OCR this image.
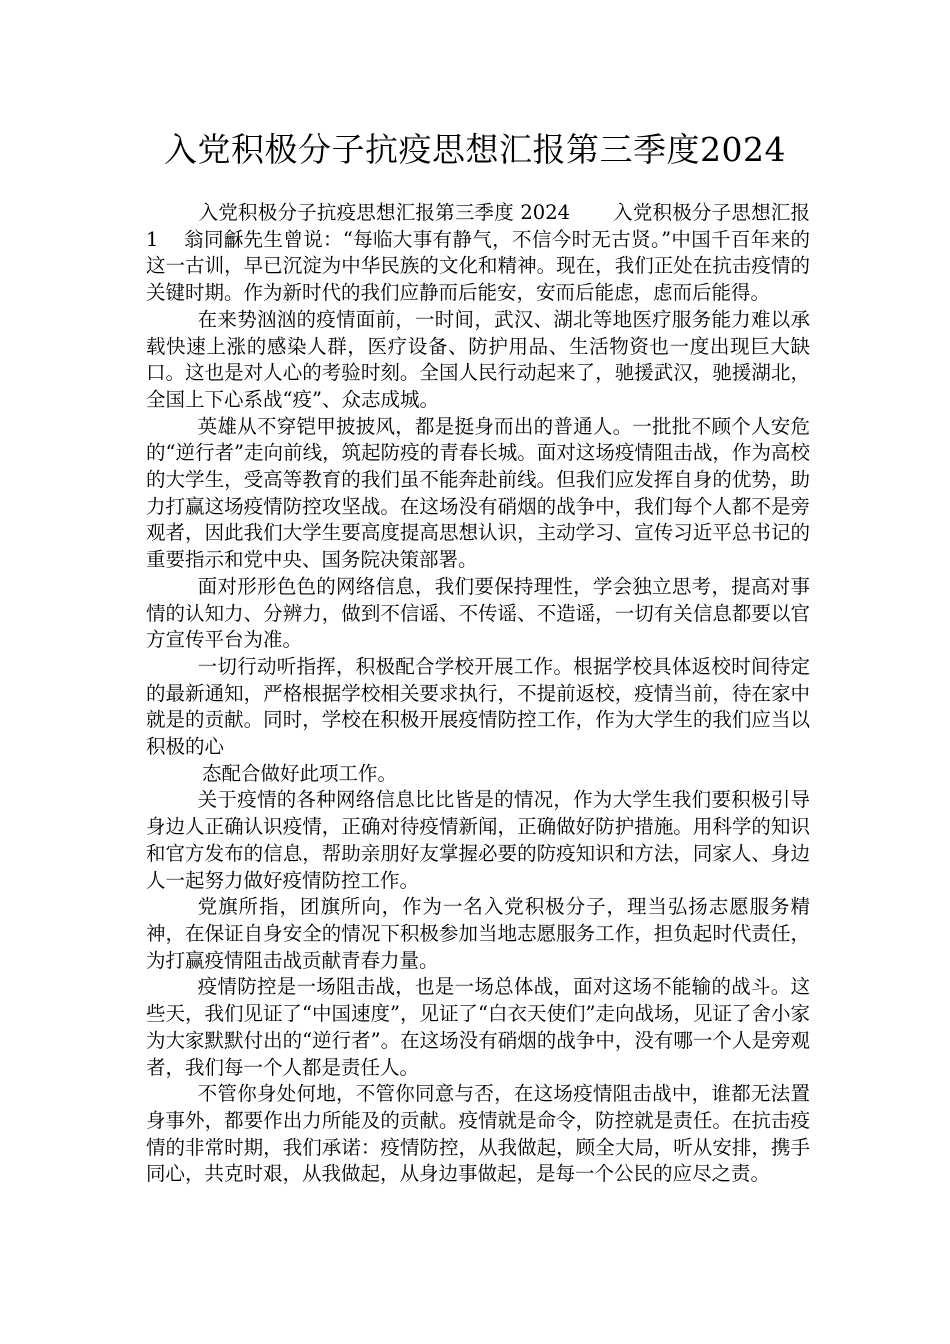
入党积极分子抗疫思想汇报第三季度2024

入党积极分子抗疫思想汇报第三季度 2024 入党积极分子思想汇报 1 翁同龢先生曾说：“每临大事有静气，不信今时无古贤。”中国千百年来的这一古训，早已沉淀为中华民族的文化和精神。现在，我们正处在抗击疫情的关键时期。作为新时代的我们应静而后能安，安而后能虑，虑而后能得。

在来势汹汹的疫情面前，一时间，武汉、湖北等地医疗服务能力难以承载快速上涨的感染人群，医疗设备、防护用品、生活物资也一度出现巨大缺口。这也是对人心的考验时刻。全国人民行动起来了，驰援武汉，驰援湖北，全国上下心系战“疫”、众志成城。

英雄从不穿铠甲披披风，都是挺身而出的普通人。一批批不顾个人安危的“逆行者”走向前线，筑起防疫的青春长城。面对这场疫情阻击战，作为高校的大学生，受高等教育的我们虽不能奔赴前线。但我们应发挥自身的优势，助力打赢这场疫情防控攻坚战。在这场没有硝烟的战争中，我们每个人都不是旁观者，因此我们大学生要高度提高思想认识，主动学习、宣传习近平总书记的重要指示和党中央、国务院决策部署。

面对形形色色的网络信息，我们要保持理性，学会独立思考，提高对事情的认知力、分辨力，做到不信谣、不传谣、不造谣，一切有关信息都要以官方宣传平台为准。

一切行动听指挥，积极配合学校开展工作。根据学校具体返校时间待定的最新通知，严格根据学校相关要求执行，不提前返校，疫情当前，待在家中就是的贡献。同时，学校在积极开展疫情防控工作，作为大学生的我们应当以积极的心

态配合做好此项工作。

关于疫情的各种网络信息比比皆是的情况，作为大学生我们要积极引导身边人正确认识疫情，正确对待疫情新闻，正确做好防护措施。用科学的知识和官方发布的信息，帮助亲朋好友掌握必要的防疫知识和方法，同家人、身边人一起努力做好疫情防控工作。

党旗所指，团旗所向，作为一名入党积极分子，理当弘扬志愿服务精神，在保证自身安全的情况下积极参加当地志愿服务工作，担负起时代责任，为打赢疫情阻击战贡献青春力量。

疫情防控是一场阻击战，也是一场总体战，面对这场不能输的战斗。这些天，我们见证了“中国速度”，见证了“白衣天使们”走向战场，见证了舍小家为大家默默付出的“逆行者”。在这场没有硝烟的战争中，没有哪一个人是旁观者，我们每一个人都是责任人。

不管你身处何地，不管你同意与否，在这场疫情阻击战中，谁都无法置身事外，都要作出力所能及的贡献。疫情就是命令，防控就是责任。在抗击疫情的非常时期，我们承诺：疫情防控，从我做起，顾全大局，听从安排，携手同心，共克时艰，从我做起，从身边事做起，是每一个公民的应尽之责。
